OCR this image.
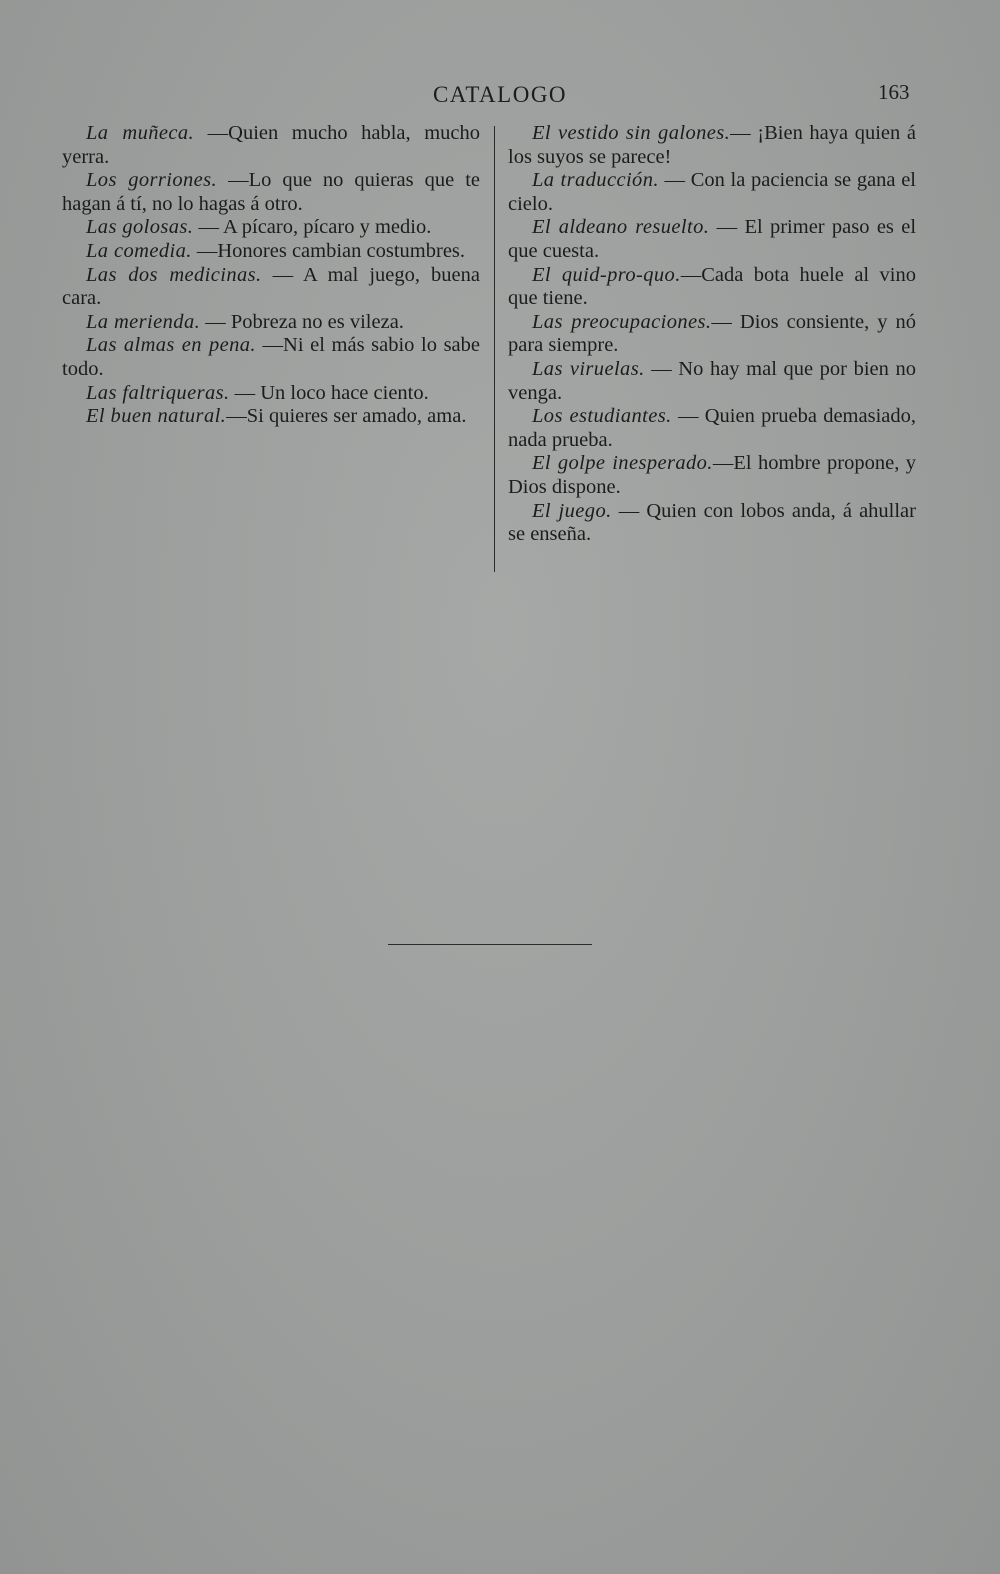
CATALOGO	163

La muñeca. —Quien mucho habla, mucho yerra.

Los gorriones. —Lo que no quieras que te hagan á tí, no lo hagas á otro.

Las golosas. — A pícaro, pícaro y medio.

La comedia. —Honores cambian costumbres.

Las dos medicinas. — A mal juego, buena cara.

La merienda. — Pobreza no es vileza.

Las almas en pena. —Ni el más sabio lo sabe todo.

Las faltriqueras. — Un loco hace ciento.

El buen natural.—Si quieres ser amado, ama.

El vestido sin galones.— ¡Bien haya quien á los suyos se parece!

La traducción. — Con la paciencia se gana el cielo.

El aldeano resuelto. — El primer paso es el que cuesta.

El quid-pro-quo.—Cada bota huele al vino que tiene.

Las preocupaciones.— Dios consiente, y nó para siempre.

Las viruelas. — No hay mal que por bien no venga.

Los estudiantes. — Quien prueba demasiado, nada prueba.

El golpe inesperado.—El hombre propone, y Dios dispone.

El juego. — Quien con lobos anda, á ahullar se enseña.
